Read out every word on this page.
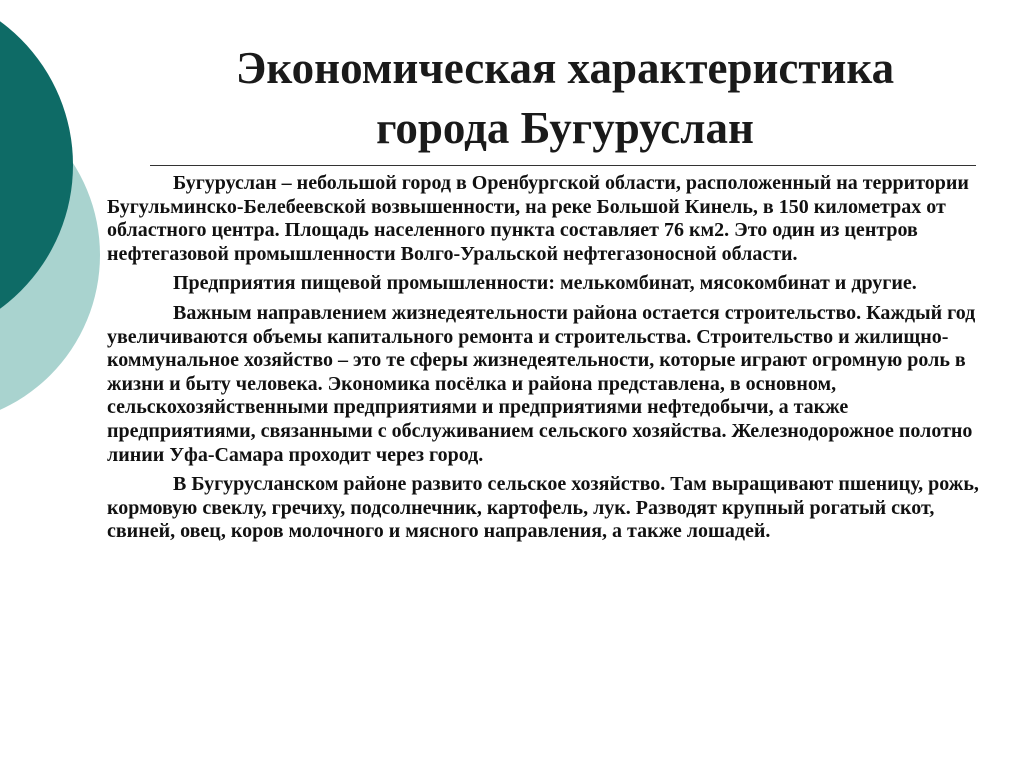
Экономическая характеристика
города Бугуруслан

Бугуруслан – небольшой город в Оренбургской области, расположенный на территории Бугульминско-Белебеевской возвышенности, на реке Большой Кинель, в 150 километрах от областного центра. Площадь населенного пункта составляет 76 км2. Это один из центров нефтегазовой промышленности Волго-Уральской нефтегазоносной области.

Предприятия пищевой промышленности: мелькомбинат, мясокомбинат и другие.

Важным направлением жизнедеятельности района остается строительство. Каждый год увеличиваются объемы капитального ремонта и строительства. Строительство и жилищно-коммунальное хозяйство – это те сферы жизнедеятельности, которые играют огромную роль в жизни и быту человека. Экономика посёлка и района представлена, в основном, сельскохозяйственными предприятиями и предприятиями нефтедобычи, а также предприятиями, связанными с обслуживанием сельского хозяйства. Железнодорожное полотно линии Уфа-Самара проходит через город.

В Бугурусланском районе развито сельское хозяйство. Там выращивают пшеницу, рожь, кормовую свеклу, гречиху, подсолнечник, картофель, лук. Разводят крупный рогатый скот, свиней, овец, коров молочного и мясного направления, а также лошадей.
